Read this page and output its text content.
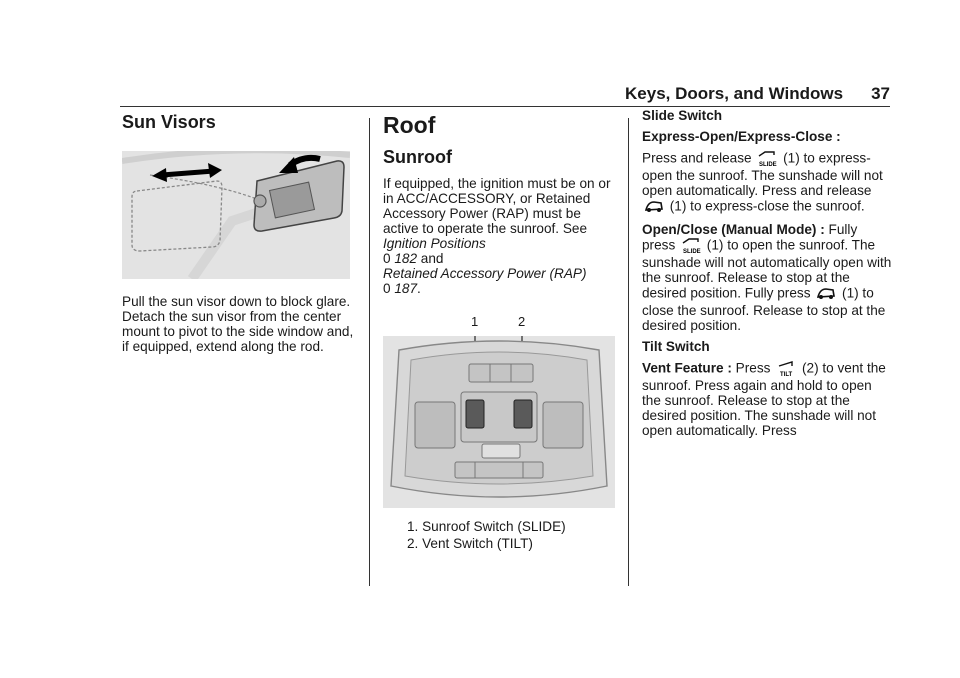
Keys, Doors, and Windows 37
Sun Visors

Pull the sun visor down to block glare. Detach the sun visor from the center mount to pivot to the side window and, if equipped, extend along the rod.

Roof
Sunroof

If equipped, the ignition must be on or in ACC/ACCESSORY, or Retained Accessory Power (RAP) must be active to operate the sunroof. See Ignition Positions
0 182 and
Retained Accessory Power (RAP)
0 187.

1	2
1. Sunroof Switch (SLIDE)
2. Vent Switch (TILT)

Slide Switch

Express-Open/Express-Close :

Press and release SLIDE (1) to express-open the sunroof. The sunshade will not open automatically. Press and release  (1) to express-close the sunroof.

Open/Close (Manual Mode) : Fully press SLIDE (1) to open the sunroof. The sunshade will not automatically open with the sunroof. Release to stop at the desired position. Fully press  (1) to close the sunroof. Release to stop at the desired position.

Tilt Switch

Vent Feature : Press TILT (2) to vent the sunroof. Press again and hold to open the sunroof. Release to stop at the desired position. The sunshade will not open automatically. Press
